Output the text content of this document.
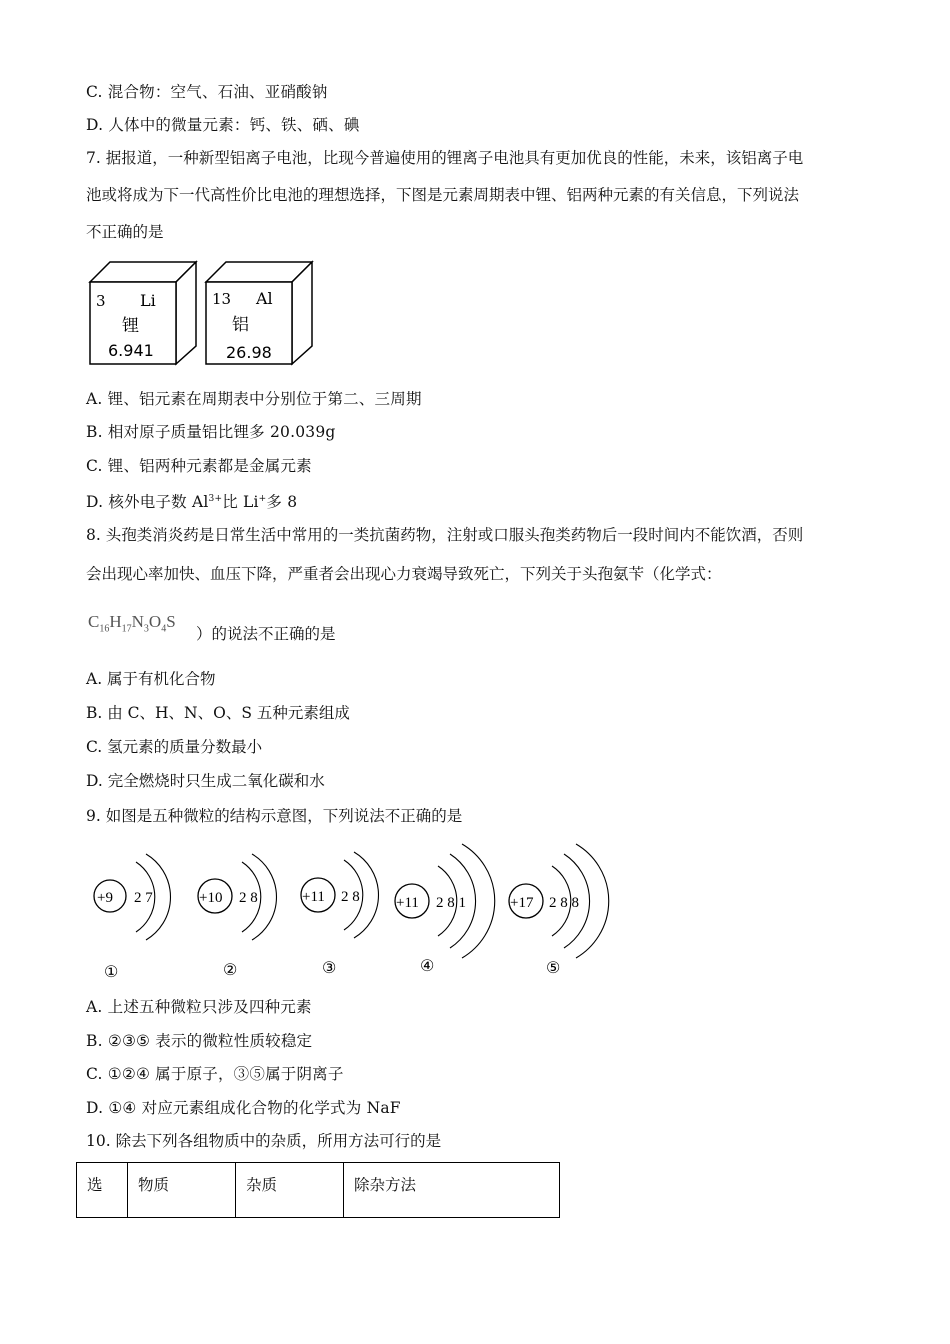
C. 混合物：空气、石油、亚硝酸钠
D. 人体中的微量元素：钙、铁、硒、碘
7. 据报道，一种新型铝离子电池，比现今普遍使用的锂离子电池具有更加优良的性能，未来，该铝离子电
池或将成为下一代高性价比电池的理想选择，下图是元素周期表中锂、铝两种元素的有关信息，下列说法
不正确的是
3 Li
锂
6.941
13 Al
铝
26.98
A. 锂、铝元素在周期表中分别位于第二、三周期
B. 相对原子质量铝比锂多 20.039g
C. 锂、铝两种元素都是金属元素
D. 核外电子数 $Al^{3+}$比 Li+多 8
8. 头孢类消炎药是日常生活中常用的一类抗菌药物，注射或口服头孢类药物后一段时间内不能饮酒，否则
会出现心率加快、血压下降，严重者会出现心力衰竭导致死亡，下列关于头孢氨苄（化学式：
$C_{16}H_{17}N_3O_4S$
）的说法不正确的是
A. 属于有机化合物
B. 由 C、H、N、O、S 五种元素组成
C. 氢元素的质量分数最小
D. 完全燃烧时只生成二氧化碳和水
9. 如图是五种微粒的结构示意图，下列说法不正确的是
+9 2 7
①
+10 2 8
②
+11 2 8
③
+11 2 8 1
④
+17 2 8 8
⑤
A. 上述五种微粒只涉及四种元素
B. ②③⑤ 表示的微粒性质较稳定
C. ①②④ 属于原子，③⑤属于阴离子
D. ①④ 对应元素组成化合物的化学式为 NaF
10. 除去下列各组物质中的杂质，所用方法可行的是
选	物质	杂质	除杂方法
